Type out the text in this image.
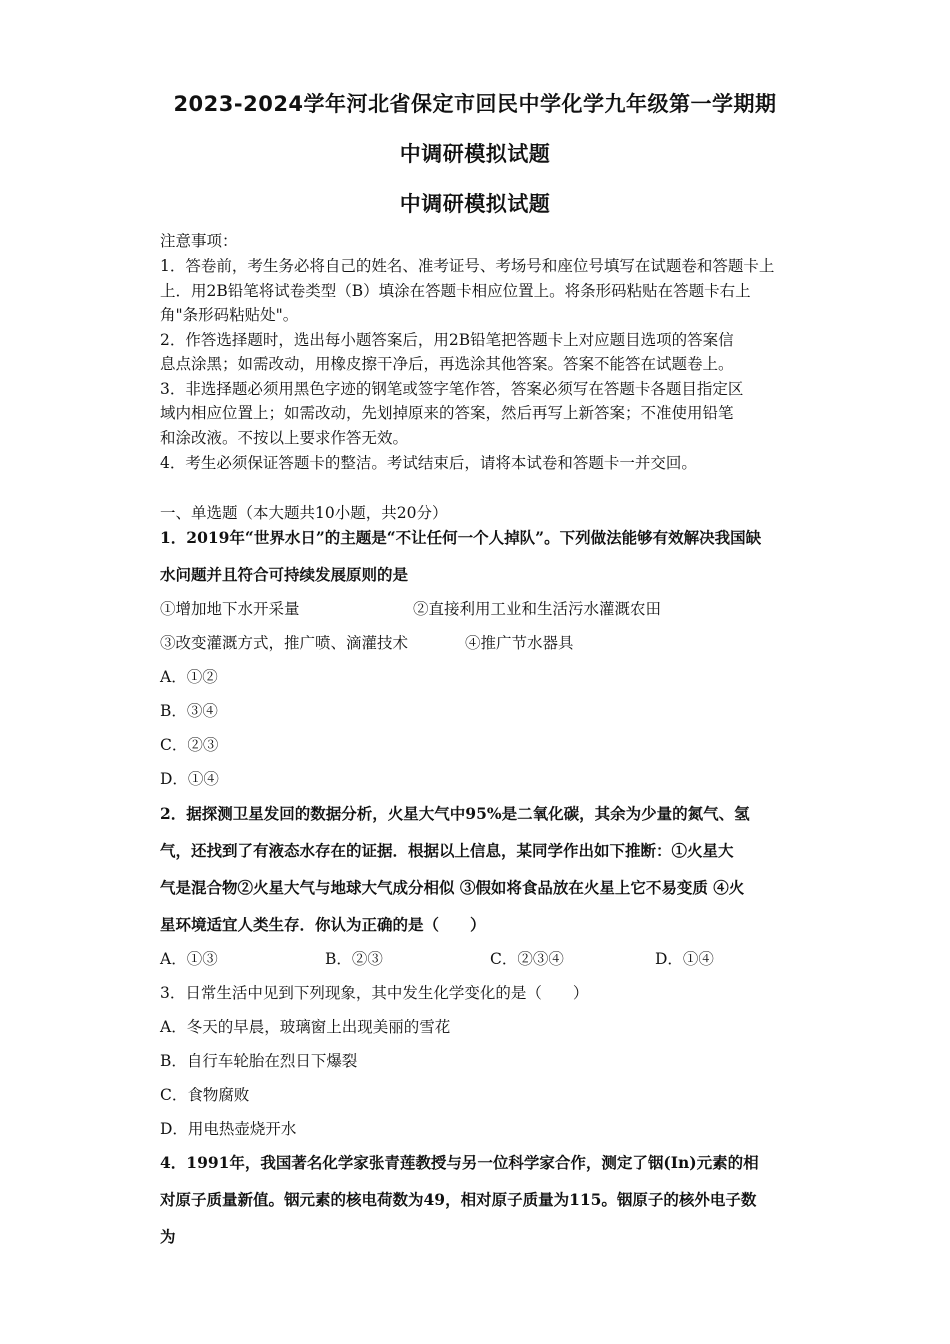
2023-2024学年河北省保定市回民中学化学九年级第一学期期
中调研模拟试题
中调研模拟试题
注意事项：
1．答卷前，考生务必将自己的姓名、准考证号、考场号和座位号填写在试题卷和答题卡上
上．用2B铅笔将试卷类型（B）填涂在答题卡相应位置上。将条形码粘贴在答题卡右上
角"条形码粘贴处"。
2．作答选择题时，选出每小题答案后，用2B铅笔把答题卡上对应题目选项的答案信
息点涂黑；如需改动，用橡皮擦干净后，再选涂其他答案。答案不能答在试题卷上。
3．非选择题必须用黑色字迹的钢笔或签字笔作答，答案必须写在答题卡各题目指定区
域内相应位置上；如需改动，先划掉原来的答案，然后再写上新答案；不准使用铅笔
和涂改液。不按以上要求作答无效。
4．考生必须保证答题卡的整洁。考试结束后，请将本试卷和答题卡一并交回。
一、单选题（本大题共10小题，共20分）
1．2019年“世界水日”的主题是“不让任何一个人掉队”。下列做法能够有效解决我国缺
水问题并且符合可持续发展原则的是
①增加地下水开采量	②直接利用工业和生活污水灌溉农田
③改变灌溉方式，推广喷、滴灌技术	④推广节水器具
A．①②
B．③④
C．②③
D．①④
2．据探测卫星发回的数据分析，火星大气中95%是二氧化碳，其余为少量的氮气、氢
气，还找到了有液态水存在的证据．根据以上信息，某同学作出如下推断：①火星大
气是混合物②火星大气与地球大气成分相似 ③假如将食品放在火星上它不易变质 ④火
星环境适宜人类生存．你认为正确的是（　　）
A．①③	B．②③	C．②③④	D．①④
3．日常生活中见到下列现象，其中发生化学变化的是（　　）
A．冬天的早晨，玻璃窗上出现美丽的雪花
B．自行车轮胎在烈日下爆裂
C．食物腐败
D．用电热壶烧开水
4．1991年，我国著名化学家张青莲教授与另一位科学家合作，测定了铟(In)元素的相
对原子质量新值。铟元素的核电荷数为49，相对原子质量为115。铟原子的核外电子数
为
